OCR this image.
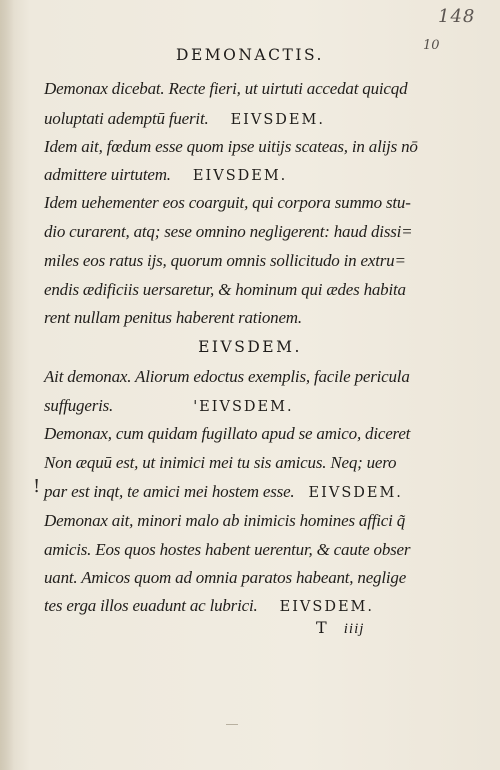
148
10
DEMONACTIS.
Demonax dicebat. Recte fieri, ut uirtuti accedat quicqd
uoluptati ademptū fuerit. EIVSDEM.
Idem ait, fœdum esse quom ipse uitijs scateas, in alijs nō
admittere uirtutem. EIVSDEM.
Idem uehementer eos coarguit, qui corpora summo stu-
dio curarent, atq; sese omnino negligerent: haud dissi=
miles eos ratus ijs, quorum omnis sollicitudo in extru=
endis ædificiis uersaretur, & hominum qui ædes habita
rent nullam penitus haberent rationem.
EIVSDEM.
Ait demonax. Aliorum edoctus exemplis, facile pericula
suffugeris.	'EIVSDEM.
Demonax, cum quidam fugillato apud se amico, diceret
Non æquū est, ut inimici mei tu sis amicus. Neq; uero
! par est inqt, te amici mei hostem esse. EIVSDEM.
Demonax ait, minori malo ab inimicis homines affici q̃
amicis. Eos quos hostes habent uerentur, & caute obser
uant. Amicos quom ad omnia paratos habeant, neglige
tes erga illos euadunt ac lubrici. EIVSDEM.
T iiij
